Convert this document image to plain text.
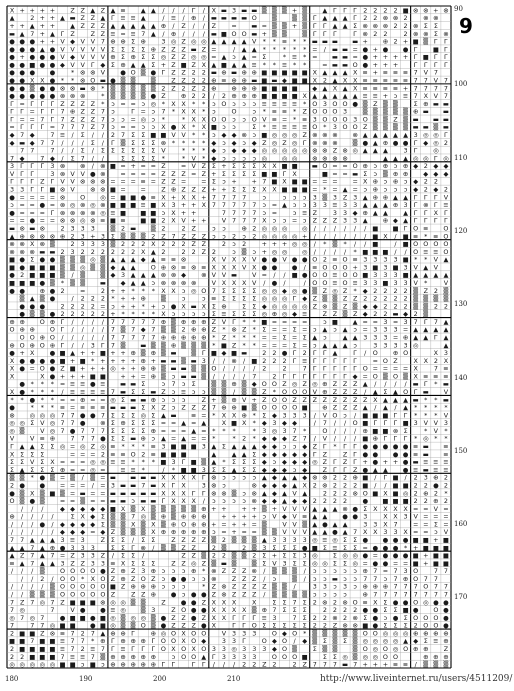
X + + + + Z Z ▲ Z ▲ ≡ ▲ ▲ / / / Г / X ▬ 3 ▬ ▬ ▒ ▒ ▒ + ▒ ▲ Г Г Г 2 2 2 2 ■ ⊗ ⊗ + ⊗
▲ 2 + + ▲ ▬ Z Z ▲ Г ≡ ≡ ▲	/ ≡ / ⊕ / ▬ ▬ ▬ ▬ O ▒ ▒ ▒ Г ▲ ▲ ▲ Г 2 2 ⊗ ⊗ 2 ⊗ ⊗
+ + ▲ + + ▲ Z Z Z ▲ ▲ ▲ ▲ ▲ ⊕ / Z / / Z = ▬ = ▒ ▒ + ▒ Г Г ▲ ▲ Σ ⊗ ⊗ ⊗ 2 2 ⊗ Σ Σ
▬ ▲ 7 + ▲ Г Z Z Z ≡ = ≡ 7 ▲ / ⊕ / / / ▬ ■ O O ▬ + ▒ ▒ ▒ Г Г Г	Г ⊗ 2 2	2 ⊗ ⊗ Σ ⊗
● ● ● + + V ◆ V V 7 ⊕ ⊕ Σ ⊕ 3 ◎ Z ◎ ◎ ▲ ▲ ▲ ▲ V * * ≡ * * ▬ ▬ ▬ ▬ + ⊕ 2 + ■ ▒ Г Г
● ● ● ▲ ● V V V V V Σ Σ Σ Σ ⊕ Z Z Z ▬ Z =	/ ▲ ▲ * * * * * = / ▬ ▬ = ● + ● ● Г ■ Г
● + ● ● ● V ◆ V V V ⊕ Σ ⊕ Σ Σ ◎ Z Z ◎ ◎ = ▲ ↄ ▲ = Σ	* ≡ * = ▬ ▬ = ● + + + + Г ■ Г Г
● ● ■ ● ● ◆ V V Г ◆ Σ ⊕ ▲ ▲ Σ + Z ■ Z X ▲ ■ ▲ ▲ ≡ * * ≡ * * = ▬ ▬ O ● + + + Г Г Г Г
● ● ● ● * ⊗ ⊗ V ● O ▒ ● Г Z Z 2 2 ▬ ⊕ ▬ ⊕ ⊕ ■ ■ ■ ■ ■ X ▲ ▲ ▲ X ≡ + ≡ ≡ ≡ 7 V 7
● ● X X ● * * ⊗ O ▬ ● ▒ ▒ ▒ Z Z 2 2 ⊕ ≡ ⊕ ⊕ ▬ ■ ▬ ◆ ■ ■ X 2 ▲ X X ≡ ≡ ≡ ≡ ≡ 7 7 V 7
● ● ▒ ● ● ⊗ ⊗ ▬ ⊗ * ▒ ▒ ▒ ▒ ▒ 2 Z 2 Z 2 ⊕ ⊕ ⊕ ⊕ ■ ■ ■ ■ ◆ ▲ X ▲ X ≡ ≡ ≡ ≡ + 7 7 7 7
● ● ● ● ● ⊗ ⊗ ⊗ * ▒ ▒ ▒ ▒ ● Z ⊕ 2 2 / 2 ⊕ ⊕ ⊕ ■ ■ ■ ■ X ▲ ▲ ▲ ▲ ▲ ≡ ≡ + ↄ ≡ 7 X V 7
Г = Г Г Г Z Z Z Z * ↄ = = ↄ ◎ * X X * * ↄ O ↄ ↄ ↄ ≡ ≡ ≡ ≡ * O 3 O O ● ▒ Z ▒ ▒ Σ ⊕ ▬ ▬
Г Г = Г Г 7 ⊕ Z Z 7 ↄ	Г = ↄ 7 * X X * ↄ O ↄ * ≡ ≡ * Z O O O 3 ▒ ▒ ▒ ▒ ▒ ⊕ ▬ ▬
Г = = 7 Г 7 Z Z Z 7 ↄ ↄ = ◎ ↄ *	* X X O O ↄ ↄ O V ≡ = * ≡ 3 O O O 3 O ▒ ▒ Z ▒ ▬ ▬ ▬
= Г Г Г = 7 7 7 Z 7 ↄ = = ↄ ↄ X ● X * X ■ ↄ ↄ	Σ * ≡ ≡ ≡ ≡ O * 3 O O Z ▒ ▒ ▒ ▒ ▬ ▬ ▒ ▬
◆ 7 ◆ 7 ≡ / Σ / / 2 7 Σ Σ ■ ■ V V * * ↄ ◆ ◆ ⊗ ↄ ■ ◎ ◎ ◎ Z ⊗ ⊗ ⊗ ⊗ ▲ ▲ ▲ ▲ ▲ 3 ◎ ◎ Г
◆ ▬ ◆ 7 7 / / / Σ / Г ▒ Σ Σ Σ ⊗ * * * * ◆ ↄ ◆ ↄ ◆ Z ◎ Z ◎ Г ⊗ ⊗ ⊗ ▒ ● ▲ ⊕ ● ● Г ◆ ◎ 2
7 7	7 / / Σ / Σ Σ Σ Σ Σ Σ V	* * * ◆ ↄ ◆ ◆ ◆ ◎ ◎ ◎ ◎ ◎ ⊗ ⊗ Z ⊗ ◎ ▲ ▲ ▲ 3 Г ◎
7 ◆ 7 ◆ / Σ 7 / /	Σ Σ Σ Σ *	* V * ◆ ↄ ↄ ↄ ↄ ◎ ◎ ◎ ⊗ ⊗ ⊗ ⊗	▲ ▲ ▲ ◎ ◎ Г ◎
3 Г Г Г 3 ⊗ ⊗ / ⊗ ■ = + = = Z = V Z Σ + Σ Σ Σ X X ■ ■ ▬ O = = O ⊕ ↄ ⊕ ↄ ⊕ ◆ 2 ◆ ◆
V Г Г	3 ⊗ V V ● ⊗ = = = = Z Z Z = Z + Σ Σ Σ Σ ■ ■ Г X	■ = = ▬ Σ ↄ ▒ ⊕ ⊕ ◆ ◆ ◆
Г Г Г Z Г V V ⊗ ⊗ ⊗ = = = ≡ = Z Z = = Σ ↄ + + 7 ■ X ■ ■ = = = = X ⊕ ↄ ⊕ ↄ ◆ 2 2
3 3 Г Г ■ ⊗ V ⊗ ⊗ ■ = = Z ⊕ Z Z Z + + Σ Σ Σ X X ■ ■ ■ = * = ▲ = ↄ ⊕ ↄ ↄ ↄ ◆ 2 ◆ 2
● = = = = ⊗ O ◎ = ■ ■ ● ≡ X + X X + 7 7 7 7	ↄ	ↄ ↄ ↄ 3 ▒ 3 Z 3 ▲ ⊕ ⊕ ▲ ▲ Г Г Г V
ↄ = = ● = ⊗ ◎ ⊗ ◎ ⊗ ■ ■ ■ ≡ ■ X 3 + + X 7 7 7 7 7 ↄ = ▲ ↄ ↄ 3 3 ≡ 3 3 ▲ ▲ ▲ ⊕ 3 Г ⊗ Г ≡
● = = = Г ⊗ ⊗ ⊗ ⊗ ◎ ≡ ■ ■ ■ ↄ X + +	7 7 7 7 ↄ = ↄ ≡ Z 3 3 ◆ ⊕ ▲ ▲ ▲ Г Г X Г
= = ● = = ⊗ ⊗ ◎ ⊗ ≡ ■ ≡ ■ ■ 2 X V + + V 7 7 7 X ↄ ↄ = ↄ Z Z Z 3 3 ▲ ⊕ ◆ ▲ Г Г Г Г
▬ ⊗ ▬ ⊗ 2 3 3 3 ▒ 2 ▬ ▒ 2	2 Z	ↄ ↄ ⊕ 2 ◎ ◎ ◎ ◎ / / / / / / ■ ■ Г O ≡ O
▲ ⊕ ⊗ ⊗ ⊗ ⊕ 2 3 + 3 Σ ▒ ▒ ▒ 2 Z 7 Z Z Z ↄ ↄ 2 ↄ 2 ◎ ◎ ◎ ◎ + / / / / / / ■ X / ■ ≡ * ≡ O
⊗ ⊗ X ⊗ ▒ 2 3 3 3 ▒ 2 2 2 X 2 2 2 Z Z 2 ↄ 2 + + + ◎ ◎ / * ▒ * / / ■	/ ■ O O O O
⊗ ⊗ ⊗ ▬ ▬ 2 3 2 2 2 2 2 2 X ▲ 2	2 2 Z 2	ↄ ▒ ↄ + ◎ ◎ ◎ / / / / * ■ ■ ■ / / O ≡ ≡ O
■ ● Σ ● ● ▒ ▒ ▒ ◎ ▒ ▲ ▲ ▲ ◆ ▲ ≡ ≡ ⊗	X V X X V ● ● V ● ● O 2 ≡ O ≡ 3 3 3 3 ■ * * V ▲
■ ● ■ ■ ■ ▒ ▒ ◎ ▒ ▒ ◆ ▲ ▲ O ⊕ ⊗ ≡ ⊗ ≡ X X X V X ● ● ● / ≡ O O O + 3 ■ 3 ■ 3 V ▲ V
● 2 ■ ■ ■ ▒ / ▒ ▒ ◆ 3 ▲ ▲ ▲ ⊗ ⊗ ◆ ⊗ V V ▬ V = / / ■ ● O O ≡ O O ■ 3 3 3 ■ ▲ ▲ ▲ ▲
■ ■ ■ ● ▒ * ▒ ▒ ▬ ◆ ▲ ▲ ↄ ⊗ ⊗ ⊗ ⊗ V X X X V / ● /	/ O O ≡ O ≡ 3 3 ■ 3 3 V *	V
● ● ⊕ ● 2 = 2 + + * * * X X ↄ ◎ O 7 Σ Σ Σ Σ ◎ ◎ ◆ ◎ ● ▒ Z ◎ Z * ◆ 2 2 2 2 ▒ Z 2 ▒
▒ ▲ ▒ ●	/ 2 2 2 * + + ⊕ ▒ ↄ	ↄ ≡ Σ Σ Σ Σ ◎ ◎ ◎ Г ◆ Z ▒ ▒ Z Z 2 2 2 2 2 ▒ ▒ ▒ ▒
● ● ● 2 2 2 2 = ↄ + + * + ↄ ● X ▬ X Σ ⊕ Σ Σ ◆ ◎ ◎ ◎ ◎ Z ⊗ ▒ Z ▒ ◆ ◆ 2 2 2 ▒ ▒ 2 2
● ▒ ▒ ● 2 2 2 2 2 + * * * * X ↄ ↄ ↄ ↄ Σ ≡ Σ Σ Σ ◎ ⊕ ◎ ◆ ≡ Z Z ▒ Z ◆ 2 2 ▬ ◆ 2 ▒
⊕ ⊕ O ⊕ Г / / / / 7 7 7 7 7 ⊕ ▒ ⊕ ⊕ ⊕ Z V Г * * ■ = = = = ↄ ■ ▲ = = 3 = 3 7 Г 7 ▲
O ⊕ ⊕ O Г / / / / 7 ▒ 7 ◆ 7 ▒ ▒ 2 ⊕ ⊕ Z * ⊗ Z * Σ = = Σ = ↄ ▲ ↄ ▲ ↄ = 3 3 3 = ▲ ▲ ▲ ▲
O O ⊕ O / / / / / 7 7 7 7 7 ⊕ ⊕ ⊕ ⊕ ⊕ * Z * * * = = Σ = Σ ▲ ↄ ▲ ▲ 3 3 3 = ⊕ ▲ ▲ Г ▲
⊕ O ⊕ O ⊕ Г / / 3 Г 7 ▒ ▬ ▒ ▒ ⊕ ▒ ▒ ▒ * ■ Z * * = = = Σ = ↄ ▲ ▲ ▲ ↄ	3 3 3 3 ◎	▲
● + X ● ■ ▲ + + ■ + + ⊕ ▒ ⊕ ▒ ▬ ▒ Г ■ ◆ ■ ▬ 2 2 ● Г 2 Г Г ▲ Г / O ⊕ O	X 3
X ● ● ● ● ■ + ■ * + + + + ⊕ + ▬ ▬ ▒ ▬ 3 / / ⊗ / ■ 2 2 2 Г ≡ Г Г Г Г Г = O Z X X 2 X
X ● = O ● Z ■ + + + ◎ + + ⊕ ⊕ ▒ ▬ ▬ ▒ ▒ O / / / / 2	2	7 Г Г Г Г Г O = = = = X 7 ≡
X	X ● + + + ■ ■ + + = ⊕ ▒ ↄ ▬ ▬ ▒ / / / / 7	2 Г Г Г Г Г Г Г ◆ = O ▒ O ▒ X ≡ ≡ ≡
● * * * = ≡ ≡ ● ≡ ▬ ▬ Σ	ↄ 7 ↄ Σ ▒ ▒ ⊕ ▒ ◆ O O Z ◎ Z ◎ ⊕ Z Z Z ▲ / / / / ▬ Г * ▬
X ● * * * / ≡ ≡ ≡ ≡ 7 ▬ Σ Σ ▬ Z ↄ ≡ ↄ ↄ ▒ ▒ / ▒ ▒ Z * O O O V ⊕ Z Z Z / ▲ Σ ▲ O Г ▬ V
* * ● * * = = ⊕ = = ◎ Σ ▬ ▬ ⊕ ↄ ↄ ↄ	Z + ▒ ⊕ V + Z O O Z Z Z Z Z Z Z Z X ▲ ▲ ▲ ▬ * * ▬
● * * * ≡ = ≡ ≡ ≡ ▬ ▬ ▬ Σ X Z ↄ Z Z Z 7 ⊕ ⊕ ■ ▒ O O O O ■ ⊕ Z Z Z ▲ / ▲ / ▲ * * * *
⊗ ◎ ◎ ◎ 7 7 ● ● 7 Σ Σ Σ ◎ Σ ▲ ▬ ≡ = * X X ⊕ * Σ ◆ 3 3 3 / V O ↄ / ■ ■ ■ Г Г * * * V
◎ ◎ Σ V ◎ 7 7 ● ⊗ Σ ⊕ Σ Σ Σ = = ▲ = ▲ X ■ X * ◆ 3 ◆ ◆	/ 7 / / O ■ Г Г Г ■ 3 V V 3
◎ ▒ V ◎ 7 ● 7 7 7 Σ Σ Σ Σ ⊕ = = = ▲ = * * *	* 3 ◎ 3 7 *	O / / / ⊕ ■ ■ ⊗ Σ	* V *
V V ≡ ⊕ 7 7 7 ● Σ Σ ▬ ⊕ ↄ ▲ = ▲ = = *	* 2 * ◆ ◆ ◆ Z 7 / V / / / ■ ⊕ Г Г Г * ◎ * *
Г ▲ ▲ Σ Σ ◎ = ◎ Z ◎ ≡ * * * ≡ 3 ■ ■ ■ 3 ▲ Σ ▲ ▲ ▲ ◆ ◆ ↄ ↄ ◆ Z Г * Г Г ● ● ● ● ● ≡ ▬ ≡
X Σ Σ Σ	= = = 2 ≡ ≡ O 2 ≡ ■ ■ ■	▲ ▲ ▲ Σ ◆ ◆ ◆ ◆ ◆ Г Z Z Г ● ● ● ● ≡ ▬ ≡
Σ Σ V Σ X = = = ◎ ◎ ≡ ≡ * * * ■ 3 Г ■ ▒ ▲ * Σ Σ Σ ◆ ↄ ◆ ◆ ◆ ◎ Z Г Z Г + ● + + ● ▬ ≡ ≡ ≡
Σ ▲ Σ Σ Σ ⊕ = = ◎ = ≡ ≡ *	/ * ■ ■ 3 Σ Σ ▲ Σ Σ ◆ ◆ ◆ ↄ ◆ Z Г Г Z ● ▲ ▲ ● ≡ ▬ ≡ ≡
▒ ▒ * ● ▒ = ▒ / ▒ = ▬ ▬ ▬ ▬ X X X X Г ⊗ ↄ ↄ ↄ ↄ ▲ ◆ ▲ ▲ ◆ ⊗ ⊗ 2 2 ⊕ ■ / Г ■ / 2 3 ⊕ 2
2 ● ● = = = / = 3 ▬ ▬ 7 ▬ X Г X 3 ⊗ ↄ	⊗ ◆ ◆ ◆ ▲ X 2 ⊗ 2 2 2 ■ / / ■ ■ 2 2 ● 2
● ▒ X ▒ ■ ▒ = ▬ = = ▬ ▬ ▬ ▬ ▬ X X X Г Г ⊗ ⊗ ▒ ↄ ⊗ ▲ ◆ ▲ V ▲ 2 2 2 ⊗ O ■ X ■ ◎ 2 ⊕ 2 *
O ▒ ● ▒ = = ▒ = = ▬ ▬ ↄ ▬ ▬ Г X X X / ↄ ↄ ↄ ↄ ⊗ ◆ ◆ ▲ ◆ ◆ 2 2 2 2 ● ■ ■ ■ 2 2 ⊕ 2
/ / /	◆ ◆ ◆ ◆ ◆ ■ X ▒ X ▒ ▒ ▒ ▒ ▒ ⊕ + + + + ▒ + V V V ▲ ▲ ▲ ⊗ ● Σ X X X X = = V =
⊕ / / / /	Σ X ◆ Σ ▒ ▒ 7 ◎ ▒ ⊕ ▒ ⊕ ⊕ ⊕ + + + + ↄ V ◆ V ≡ ▲ ▲ ● ● 3 X X 3 V = = =
/ / / ● / ◆ ◆ ◆ ◆ Σ ▒ ▒ X ▒ X ▒ ⊕ O ⊕ ⊕ + = + + = ▒ V V ▒ ▲ ● ▲ ▲ 3 3 X 7 = = Σ =
/ / / / / ◆ ◆ ◆ = ◆ Z ▒ ▒ ▒ X ⊕ ⊕ ⊕ ⊕ ⊕ ↄ = + = = ▒ ▒ V V V ▲ ▲ ● ▲ 7 X X 3 3 X = = ↄ V
7 7 ▲ ▲ ▲ 3 ≡ 3 Z Σ Σ / Σ Σ Z Z Z Z ▒ 2 ▒ ▒ ▒ ▲ 3 3 3 3 ◎ ≡ ◎ Σ Σ ● ● ● ● ■ ■ + ■
▲ ▲ 7 ▲ ⊕ ● 3 3 3	Σ Σ Г ⊗ / ▒ ▒ Z Z 2 ▒ 2 ▒ 3 Σ Σ Σ ● ■ Σ ≡ Σ Σ = ● ● ● * + ■ ■ ■
▲ Z 7 ▲ 7 = Z 3 3 Z / Σ Σ /	Z Z ▒ 2 2 ▒ ▒ 2 Σ + Σ Σ 3 ◎ Σ ◎ ◎ ● = ● ● ● ■ + ■ ■
≡ ▲ 7 ▲ ▲ 3 Z Z 3 3 ≡ X Σ Σ Σ Z Z ◎ Z ▒ ▬ ▒ ▒ Σ V 3 Σ Σ ◎ ◎ Σ Σ ◎ = ● ● = = ■ + ■ ■
/ / / ▒ O O O O ● Z ⊕ Z 3 ⊕ ↄ ↄ ↄ ⊕ * ⊗ Z Z Z ⊗ / ▒ ▒ ▒ / ↄ ↄ ↄ ↄ ↄ ⊕ 7 = 7 3 O 7 7
/ / 2 / O O * X O Z ⊕ Z O Z ↄ ● ● ↄ ↄ ⊗ Z Z Z / ↄ ▒ / ↄ ↄ ▬ ↄ ↄ 7 7 ↄ 7 ⊕ O 7 7
/ / / / ▒ O O O O O ■ Z ⊕ ⊕ ⊕ ↄ ↄ ↄ	* Z ⊗ Z Z Z Z ▒ ▒ /	3 3 ↄ 3 ↄ ⊕ ⊕ ⊕ 7 7 7 O 7 7
/ / ▒ ▒ ▒ O O O O O Z Z Z ⊕ ● ↄ ● ● Z ⊗ Z Z Z / ▒ ▒ ▒ ▒ ↄ ↄ ↄ ↄ ⊕ 7 7 7 7 7 7 7 7
7 Z 7 ◎ 7 Z ■ ■ ■ ⊗ ◎ ◎ ▒ ▒ Z ● ● Z X X X X Σ Σ 7 Σ 2 ⊗ 2 ⊗ O ≡ X Σ ● ● O ◎ ● ●
7 ◎	7 V ● ● ≡ ◎ ▒ 3 Z O ● ● X X X X ▒ ⊕ 7 Σ Σ Σ	2 2 2 2 ● ● Σ Σ ■ ● O ●
◎ 7 ◎ 7 ● ■ ■ ● ■ ◎ ▒ ◎ ◎ ▒ ● Z Z ● Z X X Г Г Г ≡ 3	7 Σ 2 2 ⊗ 2 ⊗ Σ ● ↄ ● Σ O O O ●
7	7 7 ◎ ■ ■ ● ■ ◎ ▒ ▒ O ▒ ● Z Z Z ● X	Г Г O Σ Σ Σ Σ Σ 2 2 Z ⊗ ⊗ ■ ● Σ Σ Σ 2 O O ●
2 ■ ■ Z ⊗ ≡ 7 2 7 ▲ ⊕ ⊕ Г ⊕ ◎ O X O O V 3 3 3 O ◆ O * ▒ ▒ ▒ ▒ ▒ O O ◎ ◎ ◎ ⊕ ⊕ ⊕ ⊕
■ ■ 7 ■ ■ ≡ 7 7 * ⊕ Г ⊕ ⊕ ⊕ Г O O X O ◆ 3 3 Г O ◆ O / ◆ ▒ Σ ▒ Σ ▒ ◎ ◎ ◎ ◎ ▲ ◆ Σ ≡ ⊕
2 ■ ■ ■ ■ ≡ 7 2 ≡ 7 Г ≡ Г Г Г O X O X O 3 3 ◎ 3 3 3 ◆ O ▒ Σ ▒ ▒ ▒ O ◎ O ◎ O ⊕ ⊕ Z
2 2 ■ ■ ■ 7 ≡ ≡ 7 ▒ ⊕ ⊕ ⊕ ⊕ ⊕ ↄ O O ▲ Г 3 3 3 3 O O O ■ Σ Σ ◎ ▒ ◎ ◎ O O	⊕ ⊕ ⊕
◎ ◎ ◎ ◎ ◎ ■ ■ ↄ ■ ↄ ⊕ ⊕ ⊕ ⊕ ⊕ Г Г	Г Г / / / 2 2 Z 2	2 Z 7 7 7 ▬ 7 + + + ≡ ≡ / ▒ ▒ ▒
9
90
100
110
120
130
140
150
160
170
180	190	200	210	http://www.liveinternet.ru/users/4511209/
